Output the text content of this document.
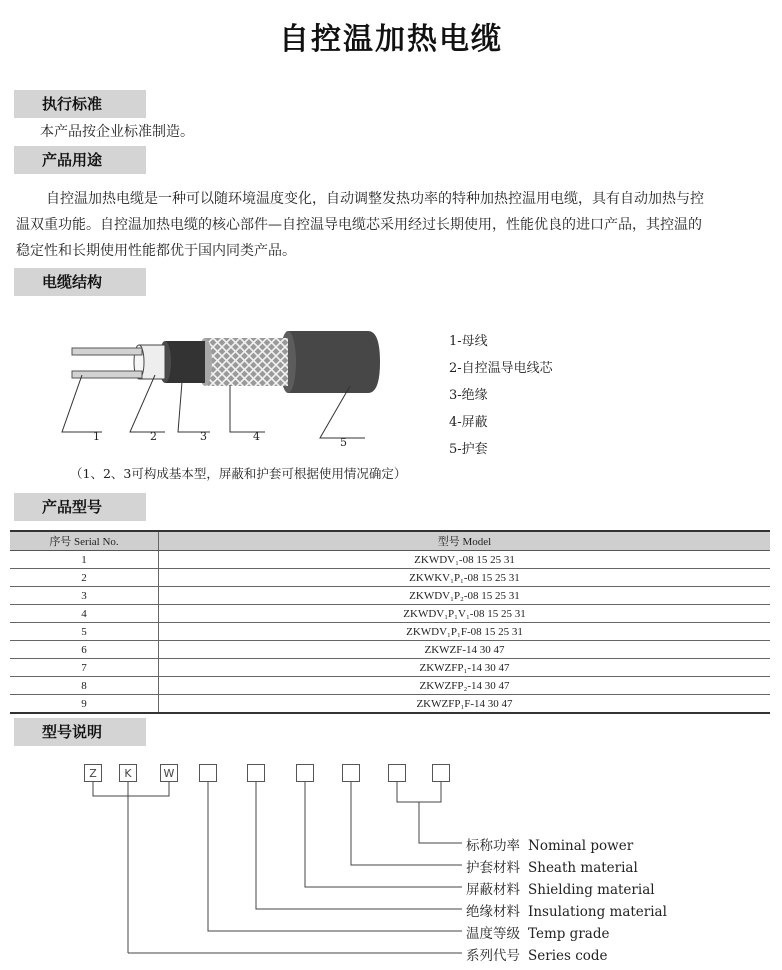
自控温加热电缆
执行标准
本产品按企业标准制造。
产品用途
自控温加热电缆是一种可以随环境温度变化，自动调整发热功率的特种加热控温用电缆，具有自动加热与控
温双重功能。自控温加热电缆的核心部件—自控温导电缆芯采用经过长期使用，性能优良的进口产品，其控温的
稳定性和长期使用性能都优于国内同类产品。
电缆结构
1	2	3	4	5
1-母线
2-自控温导电线芯
3-绝缘
4-屏蔽
5-护套
（1、2、3可构成基本型，屏蔽和护套可根据使用情况确定）
产品型号
序号 Serial No.	型号 Model
1	ZKWDV₁-08 15 25 31
2	ZKWKV₁P₁-08 15 25 31
3	ZKWDV₁P₂-08 15 25 31
4	ZKWDV₁P₁V₁-08 15 25 31
5	ZKWDV₁P₁F-08 15 25 31
6	ZKWZF-14 30 47
7	ZKWZFP₁-14 30 47
8	ZKWZFP₂-14 30 47
9	ZKWZFP₁F-14 30 47
型号说明
Z	K	W
标称功率 Nominal power
护套材料 Sheath material
屏蔽材料 Shielding material
绝缘材料 Insulationg material
温度等级 Temp grade
系列代号 Series code
